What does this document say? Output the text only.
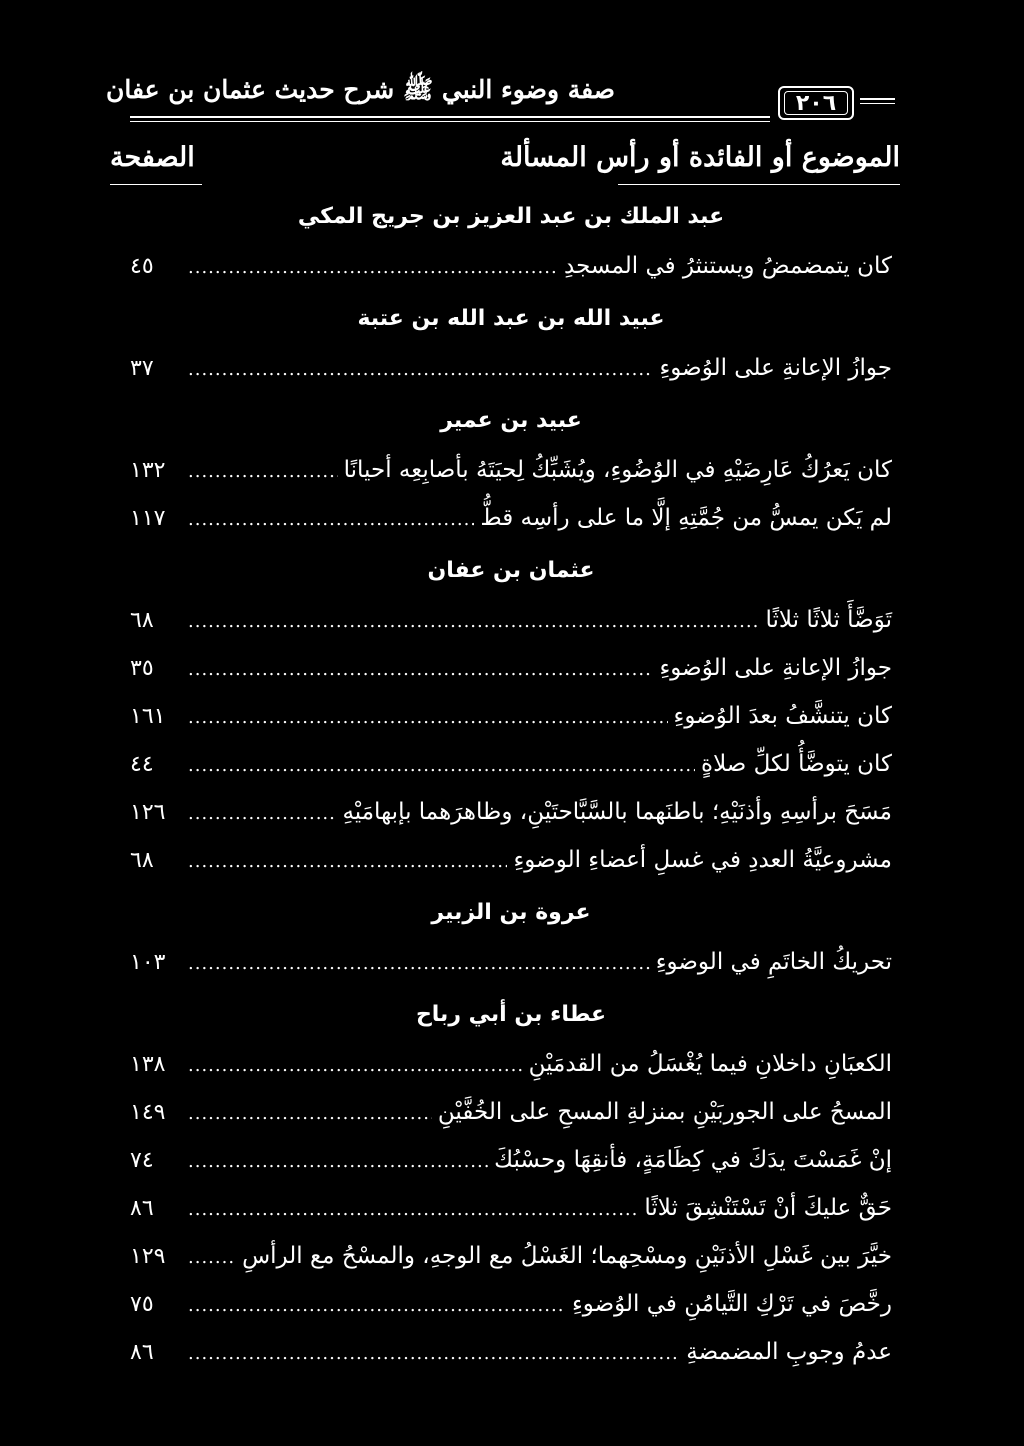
صفة وضوء النبي ﷺ شرح حديث عثمان بن عفان	٢٠٦
الموضوع أو الفائدة أو رأس المسألة
الصفحة
عبد الملك بن عبد العزيز بن جريج المكي
كان يتمضمضُ ويستنثرُ في المسجدِ
.....
٤٥
عبيد الله بن عبد الله بن عتبة
جوازُ الإعانةِ على الوُضوءِ
.....
٣٧
عبيد بن عمير
كان يَعرُكُ عَارِضَيْهِ في الوُضُوءِ، ويُشَبِّكُ لِحيَتَهُ بأصابِعِه أحيانًا
.....
١٣٢
لم يَكن يمسُّ من جُمَّتِهِ إلَّا ما على رأسِه قطُّ
.....
١١٧
عثمان بن عفان
تَوَضَّأَ ثلاثًا ثلاثًا
.....
٦٨
جوازُ الإعانةِ على الوُضوءِ
.....
٣٥
كان يتنشَّفُ بعدَ الوُضوءِ
.....
١٦١
كان يتوضَّأُ لكلِّ صلاةٍ
.....
٤٤
مَسَحَ برأسِهِ وأذنَيْهِ؛ باطنَهما بالسَّبَّاحتَيْنِ، وظاهرَهما بإبهامَيْهِ
.....
١٢٦
مشروعيَّةُ العددِ في غسلِ أعضاءِ الوضوءِ
.....
٦٨
عروة بن الزبير
تحريكُ الخاتَمِ في الوضوءِ
.....
١٠٣
عطاء بن أبي رباح
الكعبَانِ داخلانِ فيما يُغْسَلُ من القدمَيْنِ
.....
١٣٨
المسحُ على الجوربَيْنِ بمنزلةِ المسحِ على الخُفَّيْنِ
.....
١٤٩
إنْ غَمَسْتَ يدَكَ في كِظَامَةٍ، فأنقِهَا وحسْبُكَ
.....
٧٤
حَقٌّ عليكَ أنْ تَسْتَنْشِقَ ثلاثًا
.....
٨٦
خيَّرَ بين غَسْلِ الأذنَيْنِ ومسْحِهما؛ الغَسْلُ مع الوجهِ، والمسْحُ مع الرأسِ
.....
١٢٩
رخَّصَ في تَرْكِ التَّيامُنِ في الوُضوءِ
.....
٧٥
عدمُ وجوبِ المضمضةِ
.....
٨٦
